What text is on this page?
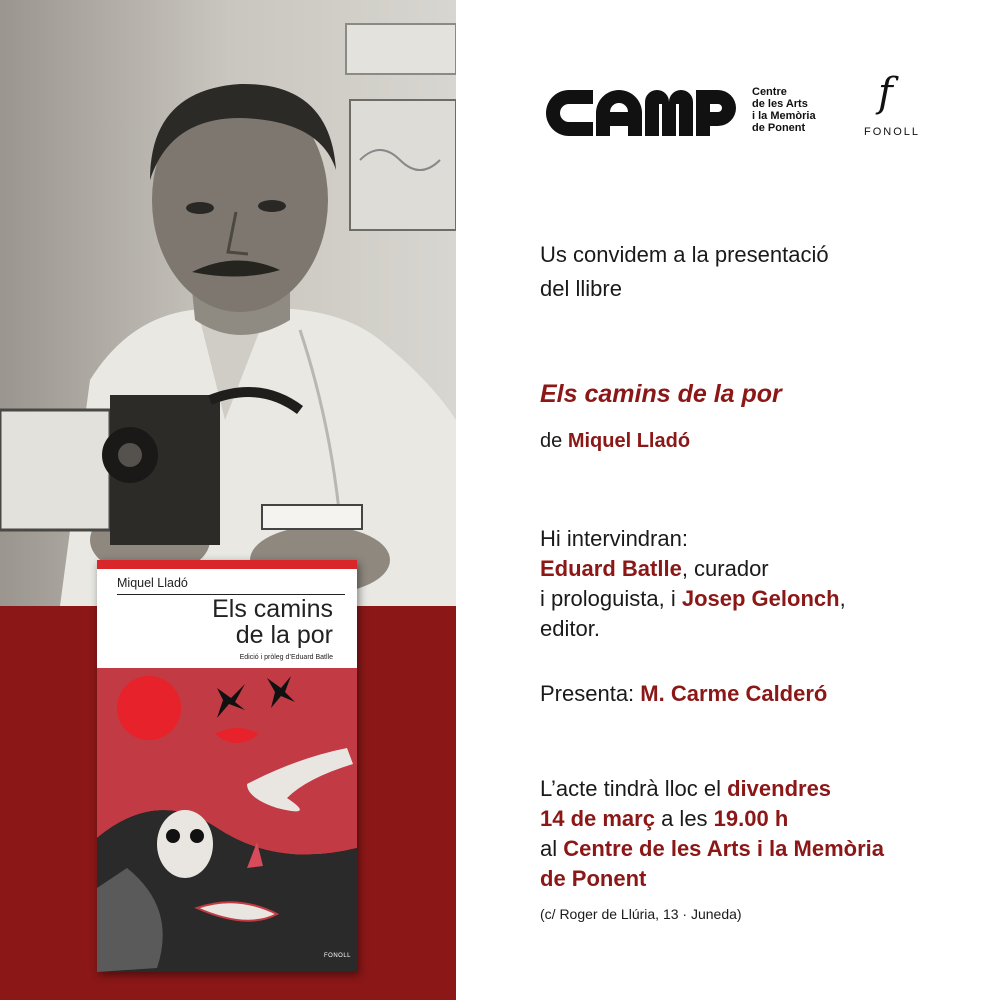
Miquel Lladó
Els camins
de la por
Edició i pròleg d’Eduard Batlle
FONOLL
Centre
de les Arts
i la Memòria
de Ponent
f
FONOLL
Us convidem a la presentació
del llibre
Els camins de la por
de Miquel Lladó
Hi intervindran:
Eduard Batlle, curador
i prologuista, i Josep Gelonch,
editor.
Presenta: M. Carme Calderó
L’acte tindrà lloc el divendres
14 de març a les 19.00 h
al Centre de les Arts i la Memòria
de Ponent
(c/ Roger de Llúria, 13 · Juneda)
